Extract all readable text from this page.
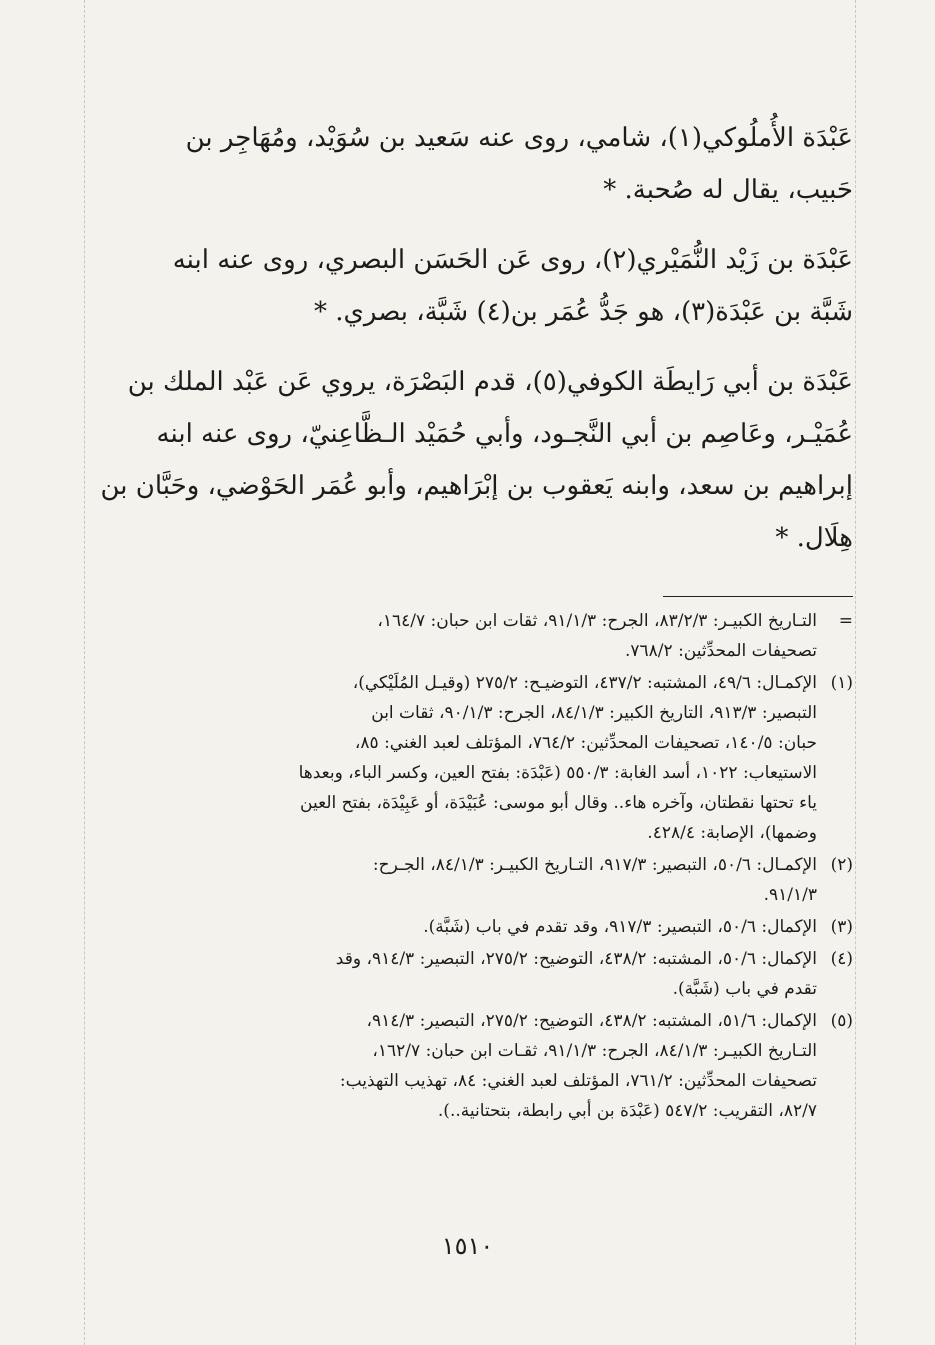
عَبْدَة الأُملُوكي(١)، شامي، روى عنه سَعيد بن سُوَيْد، ومُهَاجِر بن

حَبيب، يقال له صُحبة. *

عَبْدَة بن زَيْد النُّمَيْري(٢)، روى عَن الحَسَن البصري، روى عنه ابنه

شَبَّة بن عَبْدَة(٣)، هو جَدُّ عُمَر بن(٤) شَبَّة، بصري. *

عَبْدَة بن أبي رَايطَة الكوفي(٥)، قدم البَصْرَة، يروي عَن عَبْد الملك بن

عُمَيْـر، وعَاصِم بن أبي النَّجـود، وأبي حُمَيْد الـظَّاعِنيّ، روى عنه ابنه

إبراهيم بن سعد، وابنه يَعقوب بن إبْرَاهيم، وأبو عُمَر الحَوْضي، وحَبَّان بن

هِلَال. *

=
التـاريخ الكبيـر: ٨٣/٢/٣، الجرح: ٩١/١/٣، ثقات ابن حبان: ١٦٤/٧،
تصحيفات المحدِّثين: ٧٦٨/٢.
(١)
الإكمـال: ٤٩/٦، المشتبه: ٤٣٧/٢، التوضيـح: ٢٧٥/٢ (وقيـل المُلَيْكي)،
التبصير: ٩١٣/٣، التاريخ الكبير: ٨٤/١/٣، الجرح: ٩٠/١/٣، ثقات ابن
حبان: ١٤٠/٥، تصحيفات المحدِّثين: ٧٦٤/٢، المؤتلف لعبد الغني: ٨٥،
الاستيعاب: ١٠٢٢، أسد الغابة: ٥٥٠/٣ (عَبْدَة: بفتح العين، وكسر الباء، وبعدها
ياء تحتها نقطتان، وآخره هاء.. وقال أبو موسى: عُبَيْدَة، أو عَبِيْدَة، بفتح العين
وضمها)، الإصابة: ٤٢٨/٤.
(٢)
الإكمـال: ٥٠/٦، التبصير: ٩١٧/٣، التـاريخ الكبيـر: ٨٤/١/٣، الجـرح:
٩١/١/٣.
(٣)
الإكمال: ٥٠/٦، التبصير: ٩١٧/٣، وقد تقدم في باب (شَبَّة).
(٤)
الإكمال: ٥٠/٦، المشتبه: ٤٣٨/٢، التوضيح: ٢٧٥/٢، التبصير: ٩١٤/٣، وقد
تقدم في باب (شَبَّة).
(٥)
الإكمال: ٥١/٦، المشتبه: ٤٣٨/٢، التوضيح: ٢٧٥/٢، التبصير: ٩١٤/٣،
التـاريخ الكبيـر: ٨٤/١/٣، الجرح: ٩١/١/٣، ثقـات ابن حبان: ١٦٢/٧،
تصحيفات المحدِّثين: ٧٦١/٢، المؤتلف لعبد الغني: ٨٤، تهذيب التهذيب:
٨٢/٧، التقريب: ٥٤٧/٢ (عَبْدَة بن أبي رابطة، بتحتانية..).
١٥١٠
